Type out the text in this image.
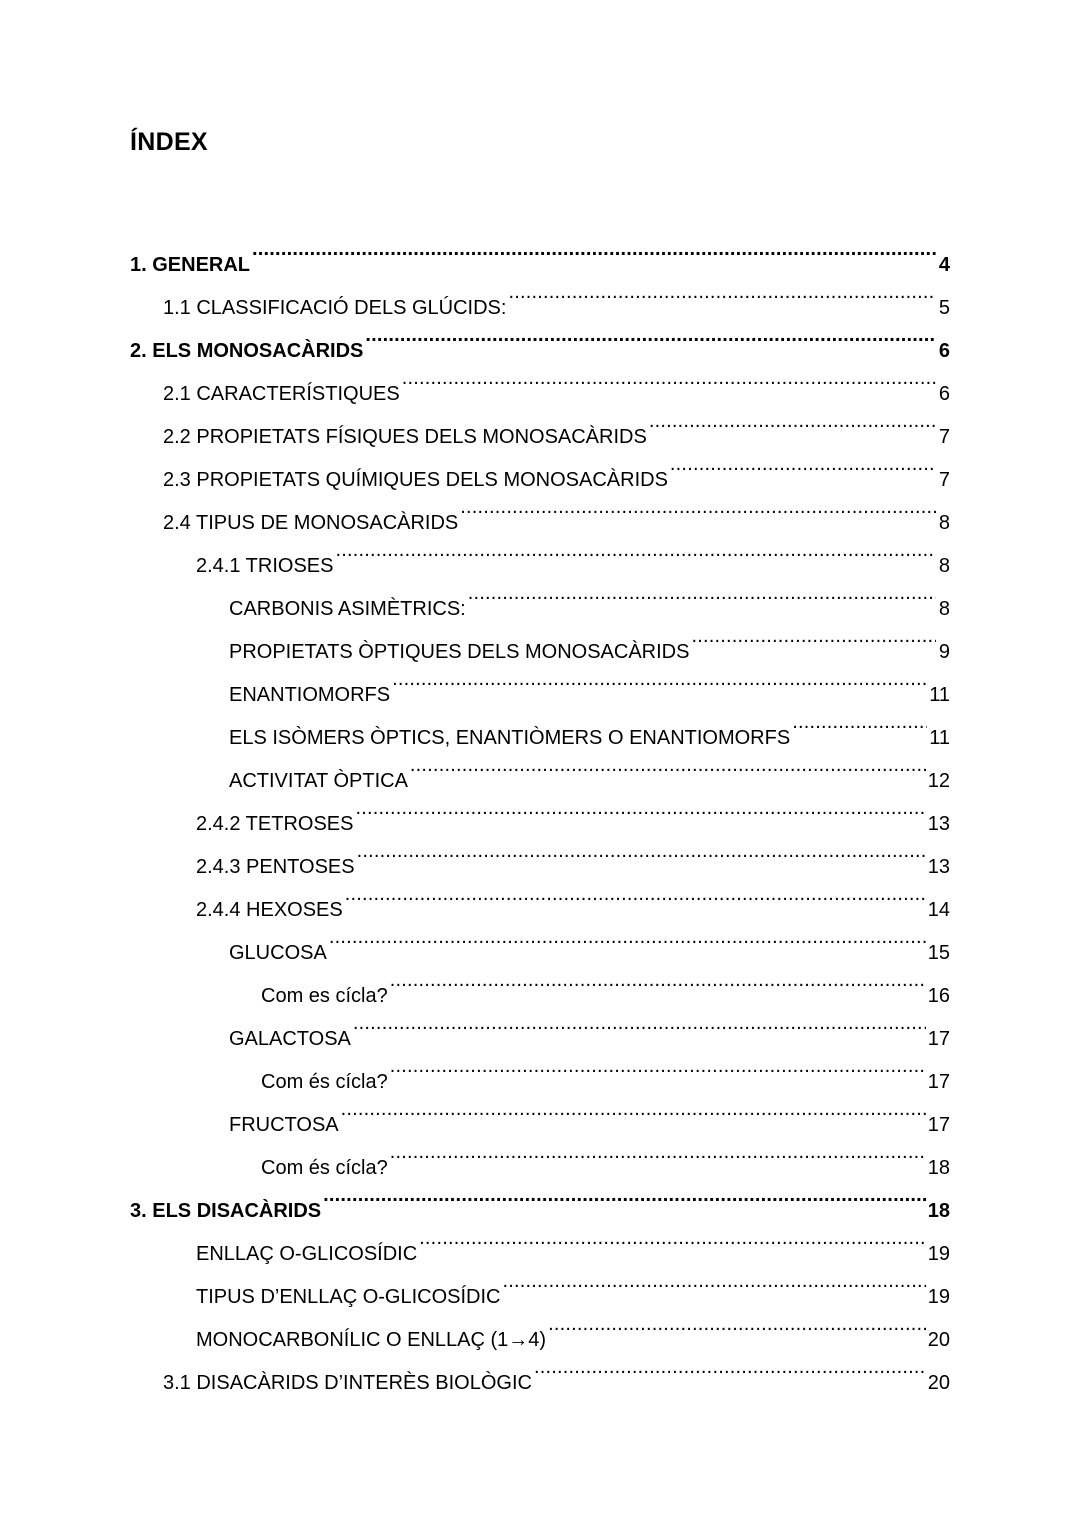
ÍNDEX
1. GENERAL .....	4
1.1 CLASSIFICACIÓ DELS GLÚCIDS: .....	5
2. ELS MONOSACÀRIDS .....	6
2.1 CARACTERÍSTIQUES .....	6
2.2 PROPIETATS FÍSIQUES DELS MONOSACÀRIDS .....	7
2.3 PROPIETATS QUÍMIQUES DELS MONOSACÀRIDS .....	7
2.4 TIPUS DE MONOSACÀRIDS .....	8
2.4.1 TRIOSES .....	8
CARBONIS ASIMÈTRICS: .....	8
PROPIETATS ÒPTIQUES DELS MONOSACÀRIDS .....	9
ENANTIOMORFS .....	11
ELS ISÒMERS ÒPTICS, ENANTIÒMERS O ENANTIOMORFS .....	11
ACTIVITAT ÒPTICA .....	12
2.4.2 TETROSES .....	13
2.4.3 PENTOSES .....	13
2.4.4 HEXOSES .....	14
GLUCOSA .....	15
Com es cícla? .....	16
GALACTOSA .....	17
Com és cícla? .....	17
FRUCTOSA .....	17
Com és cícla? .....	18
3. ELS DISACÀRIDS .....	18
ENLLAÇ O-GLICOSÍDIC .....	19
TIPUS D’ENLLAÇ O-GLICOSÍDIC .....	19
MONOCARBONÍLIC O ENLLAÇ (1→4) .....	20
3.1 DISACÀRIDS D’INTERÈS BIOLÒGIC .....	20
